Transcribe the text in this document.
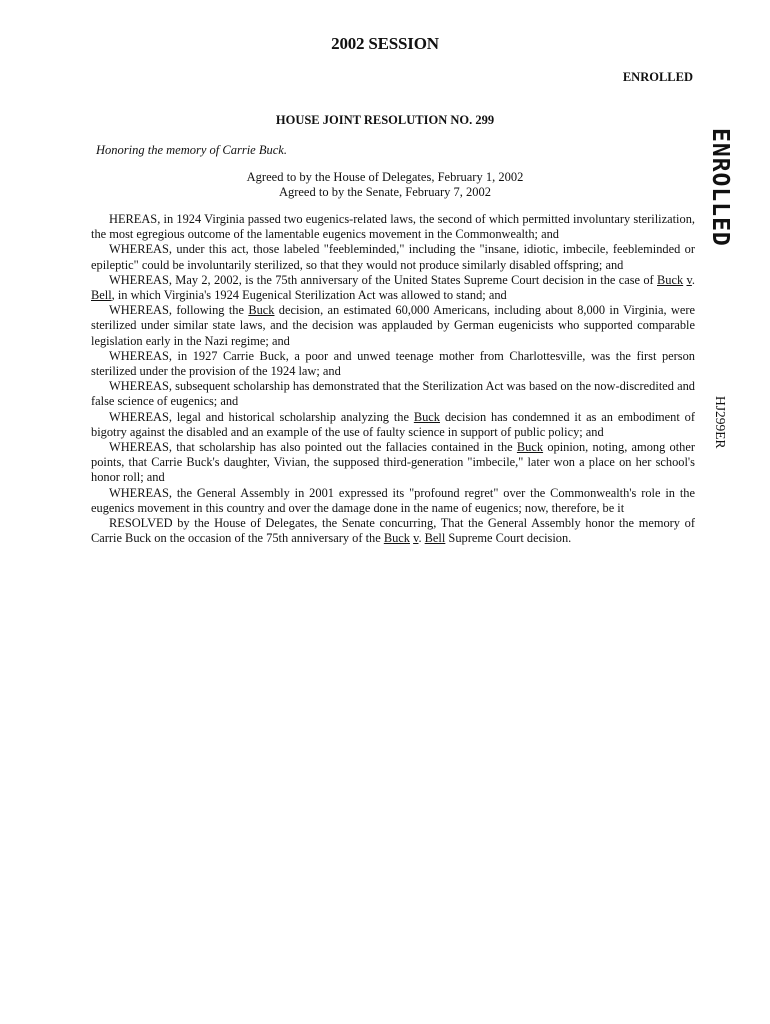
2002 SESSION
ENROLLED
HOUSE JOINT RESOLUTION NO. 299
Honoring the memory of Carrie Buck.
Agreed to by the House of Delegates, February 1, 2002
Agreed to by the Senate, February 7, 2002

HEREAS, in 1924 Virginia passed two eugenics-related laws, the second of which permitted involuntary sterilization, the most egregious outcome of the lamentable eugenics movement in the Commonwealth; and

WHEREAS, under this act, those labeled "feebleminded," including the "insane, idiotic, imbecile, feebleminded or epileptic" could be involuntarily sterilized, so that they would not produce similarly disabled offspring; and

WHEREAS, May 2, 2002, is the 75th anniversary of the United States Supreme Court decision in the case of Buck v. Bell, in which Virginia's 1924 Eugenical Sterilization Act was allowed to stand; and

WHEREAS, following the Buck decision, an estimated 60,000 Americans, including about 8,000 in Virginia, were sterilized under similar state laws, and the decision was applauded by German eugenicists who supported comparable legislation early in the Nazi regime; and

WHEREAS, in 1927 Carrie Buck, a poor and unwed teenage mother from Charlottesville, was the first person sterilized under the provision of the 1924 law; and

WHEREAS, subsequent scholarship has demonstrated that the Sterilization Act was based on the now-discredited and false science of eugenics; and

WHEREAS, legal and historical scholarship analyzing the Buck decision has condemned it as an embodiment of bigotry against the disabled and an example of the use of faulty science in support of public policy; and

WHEREAS, that scholarship has also pointed out the fallacies contained in the Buck opinion, noting, among other points, that Carrie Buck's daughter, Vivian, the supposed third-generation "imbecile," later won a place on her school's honor roll; and

WHEREAS, the General Assembly in 2001 expressed its "profound regret" over the Commonwealth's role in the eugenics movement in this country and over the damage done in the name of eugenics; now, therefore, be it

RESOLVED by the House of Delegates, the Senate concurring, That the General Assembly honor the memory of Carrie Buck on the occasion of the 75th anniversary of the Buck v. Bell Supreme Court decision.

ENROLLED
HJ299ER
